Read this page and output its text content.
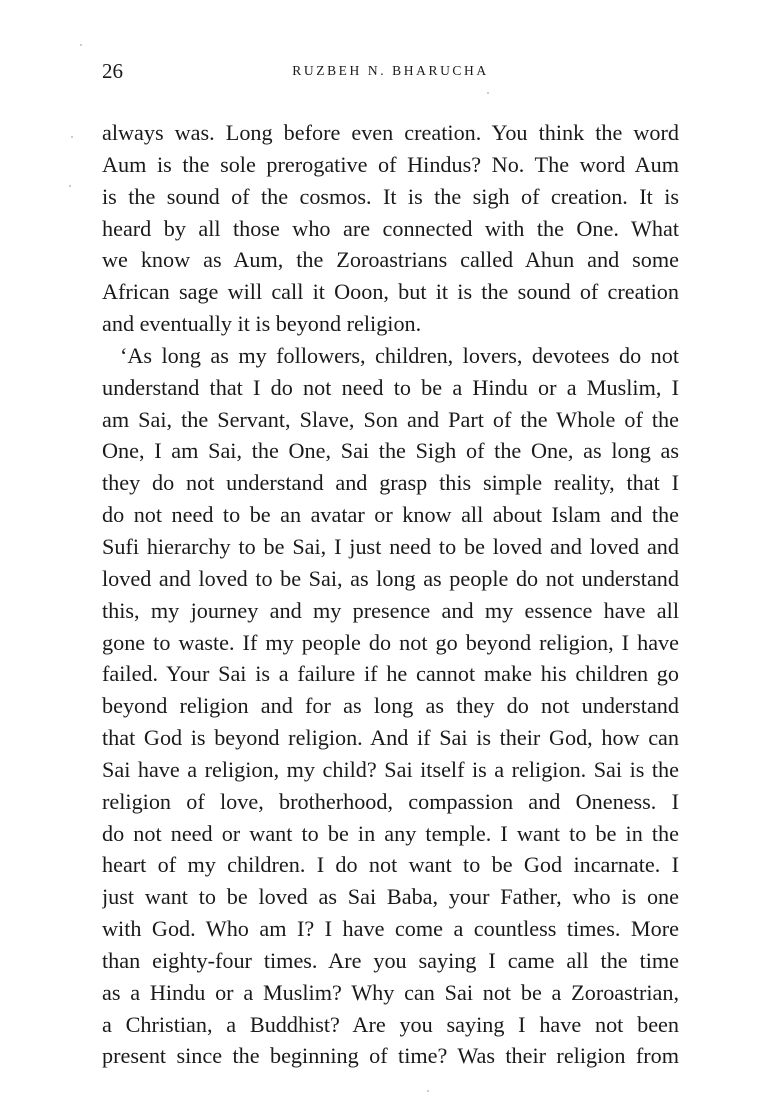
26	RUZBEH N. BHARUCHA
always was. Long before even creation. You think the word
Aum is the sole prerogative of Hindus? No. The word Aum
is the sound of the cosmos. It is the sigh of creation. It is
heard by all those who are connected with the One. What
we know as Aum, the Zoroastrians called Ahun and some
African sage will call it Ooon, but it is the sound of creation
and eventually it is beyond religion.
‘As long as my followers, children, lovers, devotees do not
understand that I do not need to be a Hindu or a Muslim, I
am Sai, the Servant, Slave, Son and Part of the Whole of the
One, I am Sai, the One, Sai the Sigh of the One, as long as
they do not understand and grasp this simple reality, that I
do not need to be an avatar or know all about Islam and the
Sufi hierarchy to be Sai, I just need to be loved and loved and
loved and loved to be Sai, as long as people do not understand
this, my journey and my presence and my essence have all
gone to waste. If my people do not go beyond religion, I have
failed. Your Sai is a failure if he cannot make his children go
beyond religion and for as long as they do not understand
that God is beyond religion. And if Sai is their God, how can
Sai have a religion, my child? Sai itself is a religion. Sai is the
religion of love, brotherhood, compassion and Oneness. I
do not need or want to be in any temple. I want to be in the
heart of my children. I do not want to be God incarnate. I
just want to be loved as Sai Baba, your Father, who is one
with God. Who am I? I have come a countless times. More
than eighty-four times. Are you saying I came all the time
as a Hindu or a Muslim? Why can Sai not be a Zoroastrian,
a Christian, a Buddhist? Are you saying I have not been
present since the beginning of time? Was their religion from
